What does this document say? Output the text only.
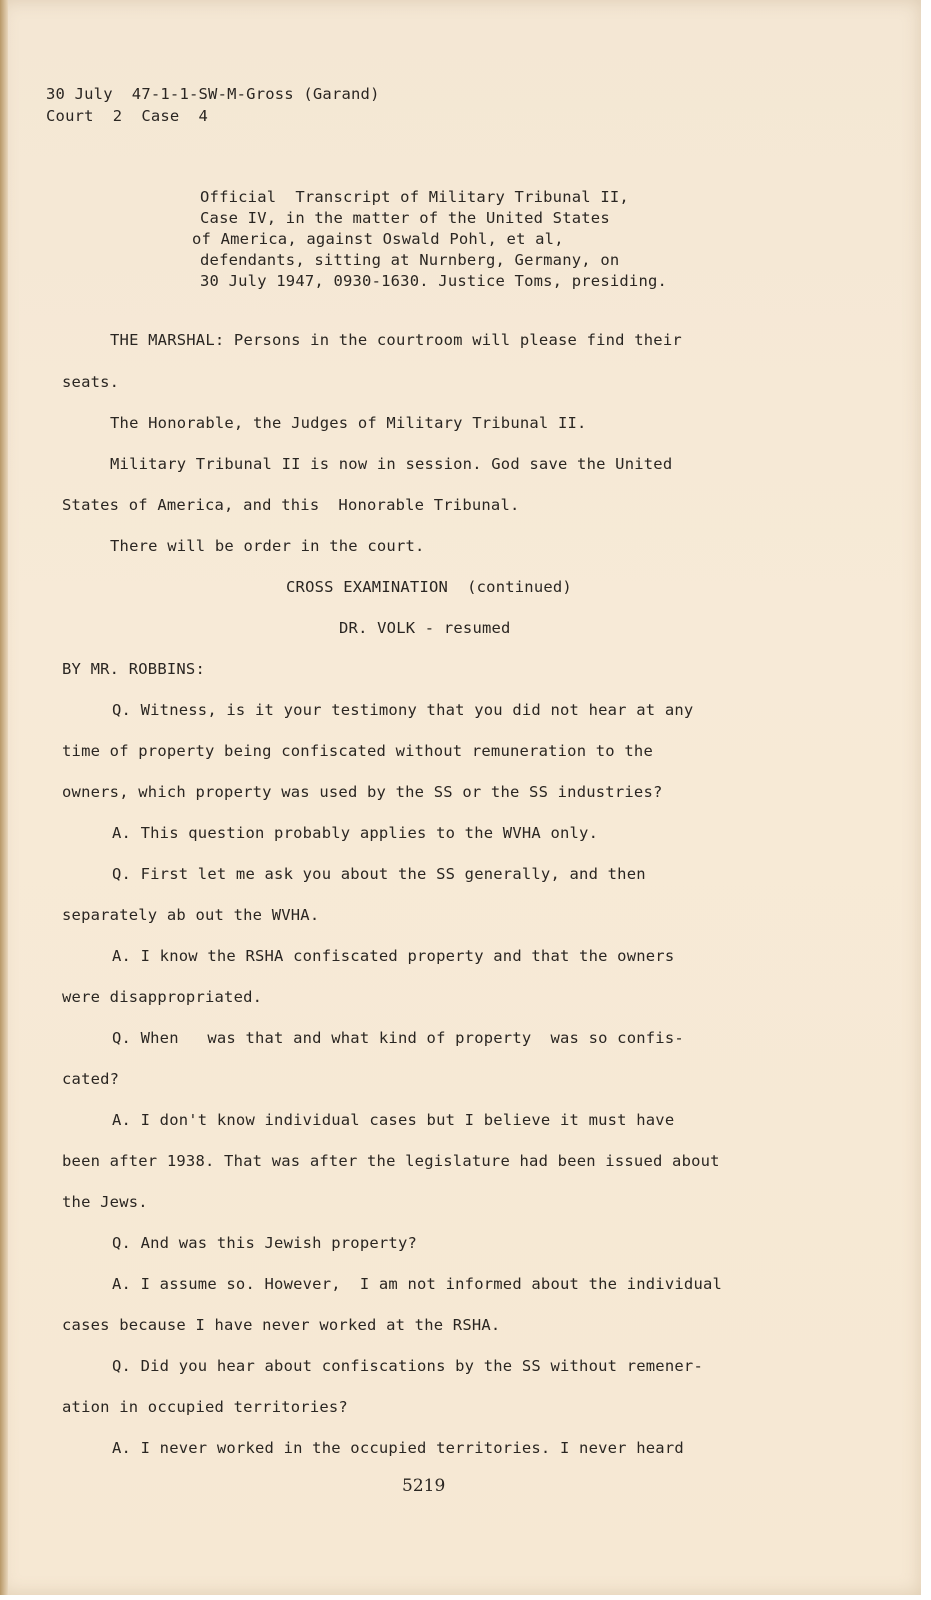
30 July  47-1-1-SW-M-Gross (Garand)
Court  2  Case  4
Official  Transcript of Military Tribunal II,
Case IV, in the matter of the United States
of America, against Oswald Pohl, et al,
defendants, sitting at Nurnberg, Germany, on
30 July 1947, 0930-1630. Justice Toms, presiding.
THE MARSHAL: Persons in the courtroom will please find their
seats.
The Honorable, the Judges of Military Tribunal II.
Military Tribunal II is now in session. God save the United
States of America, and this  Honorable Tribunal.
There will be order in the court.
CROSS EXAMINATION  (continued)
DR. VOLK - resumed
BY MR. ROBBINS:
Q. Witness, is it your testimony that you did not hear at any
time of property being confiscated without remuneration to the
owners, which property was used by the SS or the SS industries?
A. This question probably applies to the WVHA only.
Q. First let me ask you about the SS generally, and then
separately ab out the WVHA.
A. I know the RSHA confiscated property and that the owners
were disappropriated.
Q. When   was that and what kind of property  was so confis-
cated?
A. I don't know individual cases but I believe it must have
been after 1938. That was after the legislature had been issued about
the Jews.
Q. And was this Jewish property?
A. I assume so. However,  I am not informed about the individual
cases because I have never worked at the RSHA.
Q. Did you hear about confiscations by the SS without remener-
ation in occupied territories?
A. I never worked in the occupied territories. I never heard
5219
